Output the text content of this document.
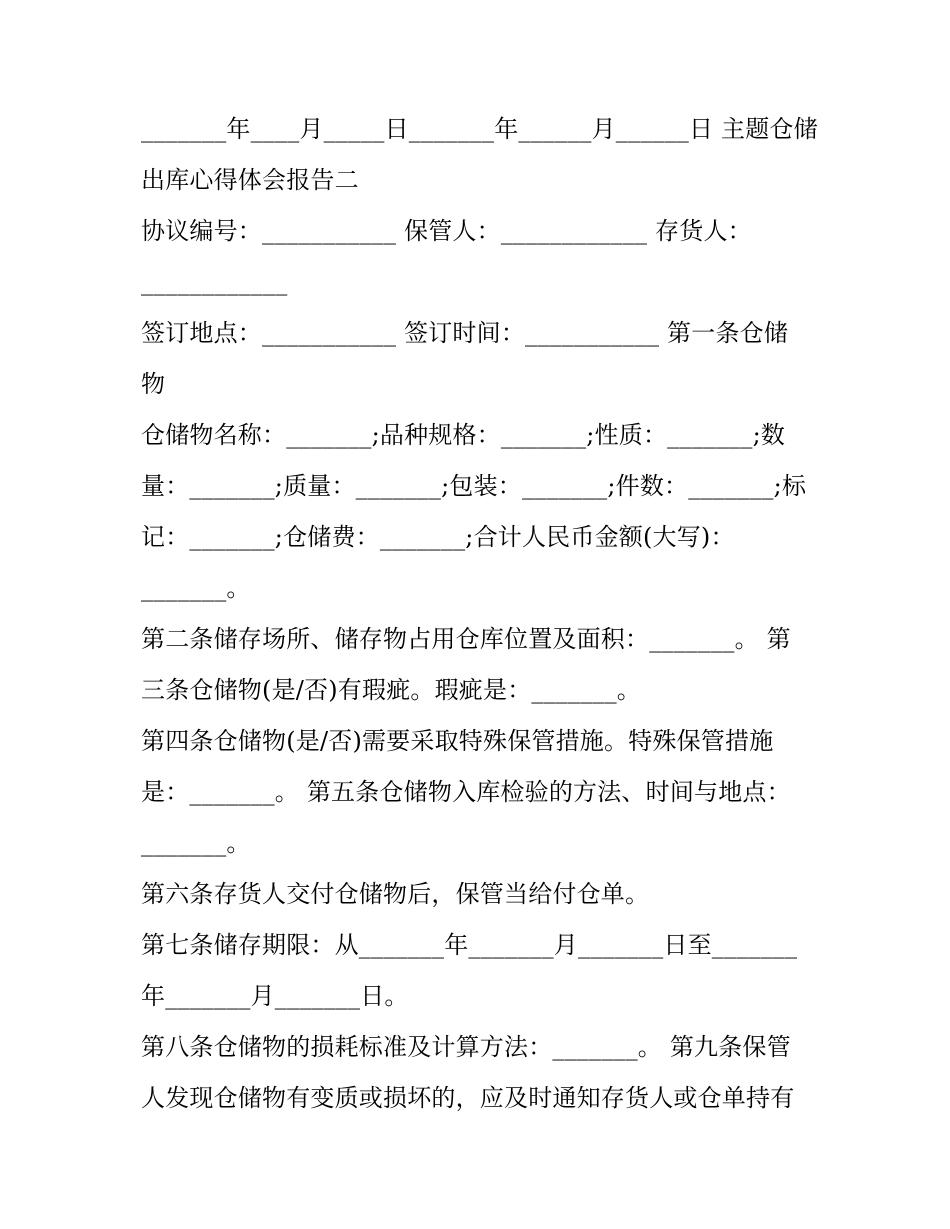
_______年____月_____日_______年______月______日 主题仓储
出库心得体会报告二
协议编号：___________ 保管人：____________ 存货人：
____________
签订地点：___________ 签订时间：___________ 第一条仓储
物
仓储物名称：_______;品种规格：_______;性质：_______;数
量：_______;质量：_______;包装：_______;件数：_______;标
记：_______;仓储费：_______;合计人民币金额(大写)：
_______。
第二条储存场所、储存物占用仓库位置及面积：_______。 第
三条仓储物(是/否)有瑕疵。瑕疵是：_______。
第四条仓储物(是/否)需要采取特殊保管措施。特殊保管措施
是：_______。 第五条仓储物入库检验的方法、时间与地点：
_______。
第六条存货人交付仓储物后，保管当给付仓单。
第七条储存期限：从_______年_______月_______日至_______
年_______月_______日。
第八条仓储物的损耗标准及计算方法：_______。 第九条保管
人发现仓储物有变质或损坏的，应及时通知存货人或仓单持有
